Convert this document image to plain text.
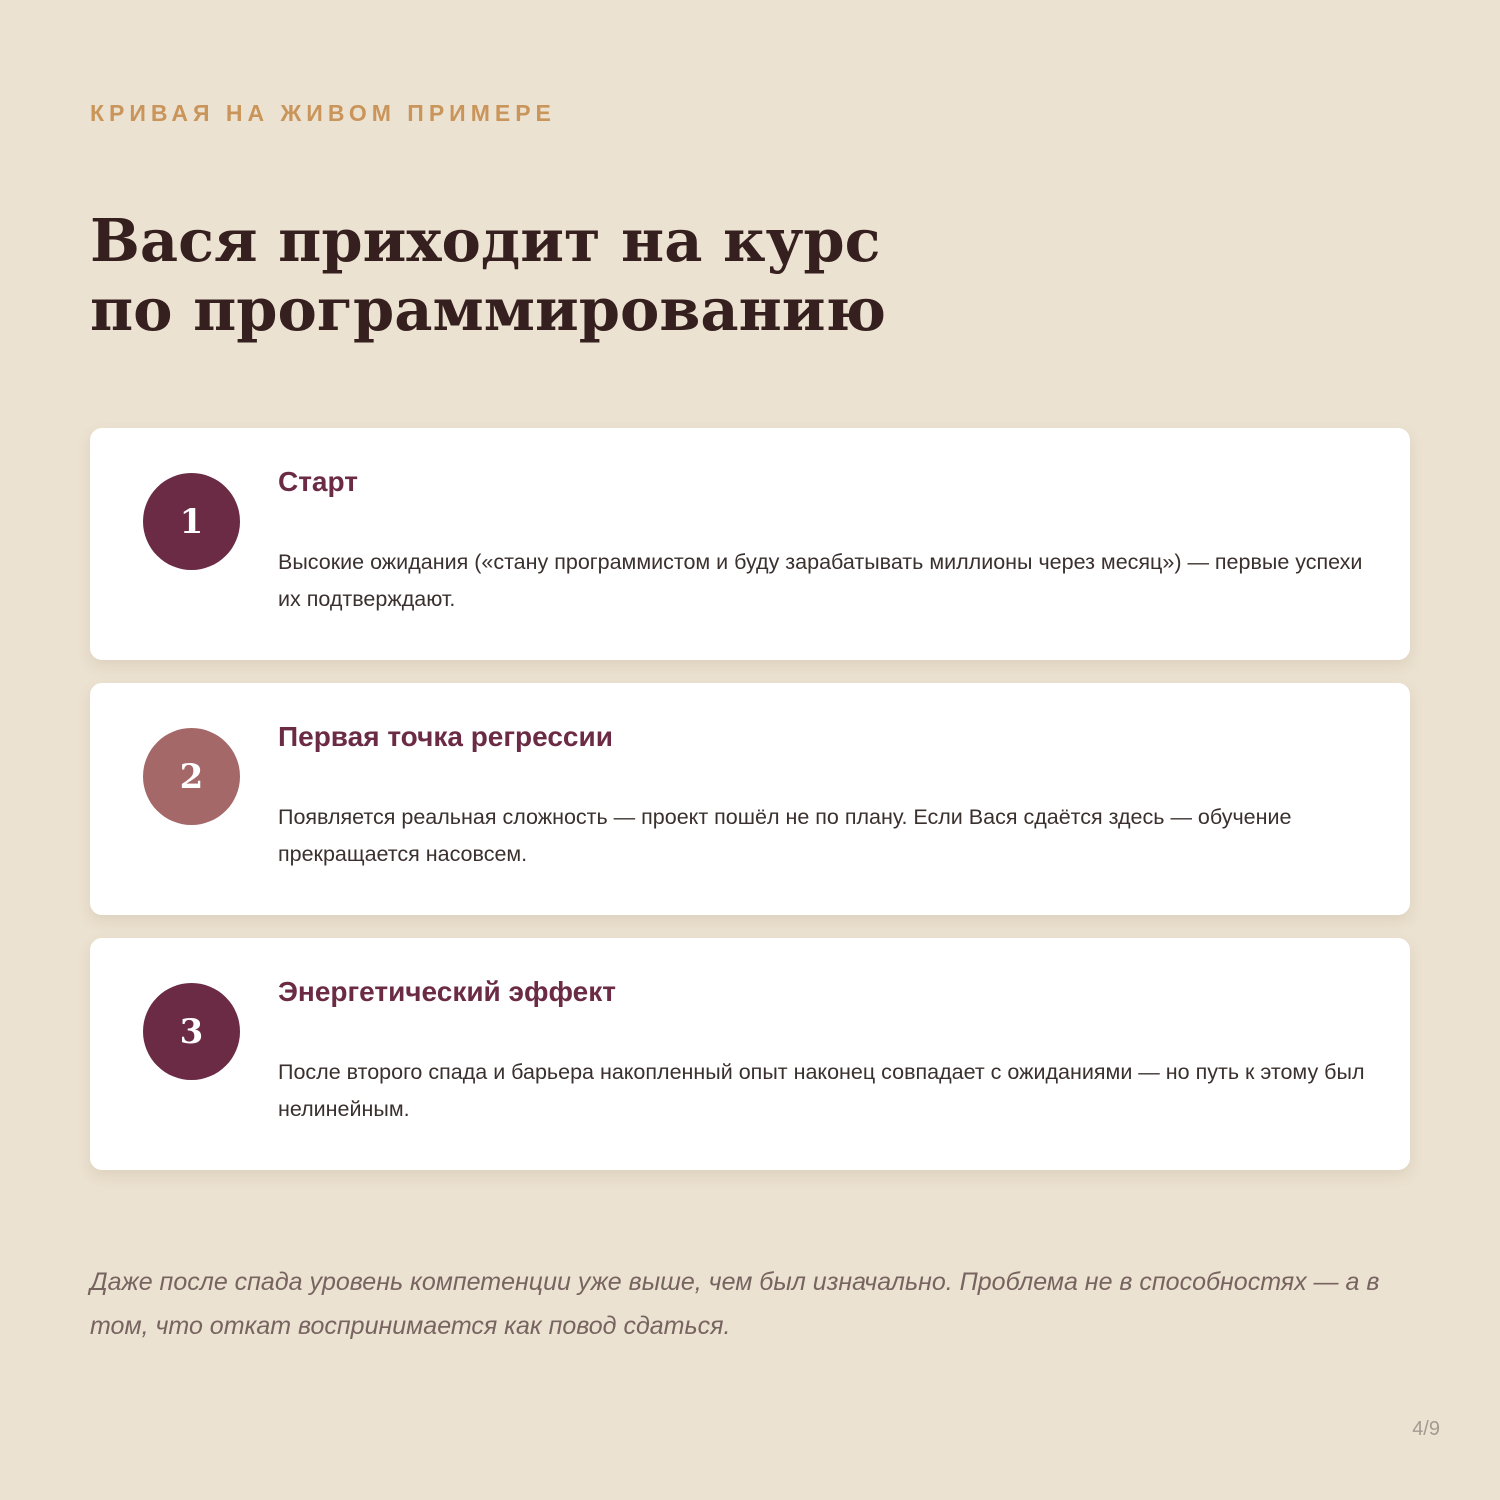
КРИВАЯ НА ЖИВОМ ПРИМЕРЕ
Вася приходит на курс
по программированию
1
Старт

Высокие ожидания («стану программистом и буду зарабатывать миллионы через месяц») — первые успехи их подтверждают.

2
Первая точка регрессии

Появляется реальная сложность — проект пошёл не по плану. Если Вася сдаётся здесь — обучение прекращается насовсем.

3
Энергетический эффект

После второго спада и барьера накопленный опыт наконец совпадает с ожиданиями — но путь к этому был нелинейным.

Даже после спада уровень компетенции уже выше, чем был изначально. Проблема не в способностях — а в том, что откат воспринимается как повод сдаться.

4/9
